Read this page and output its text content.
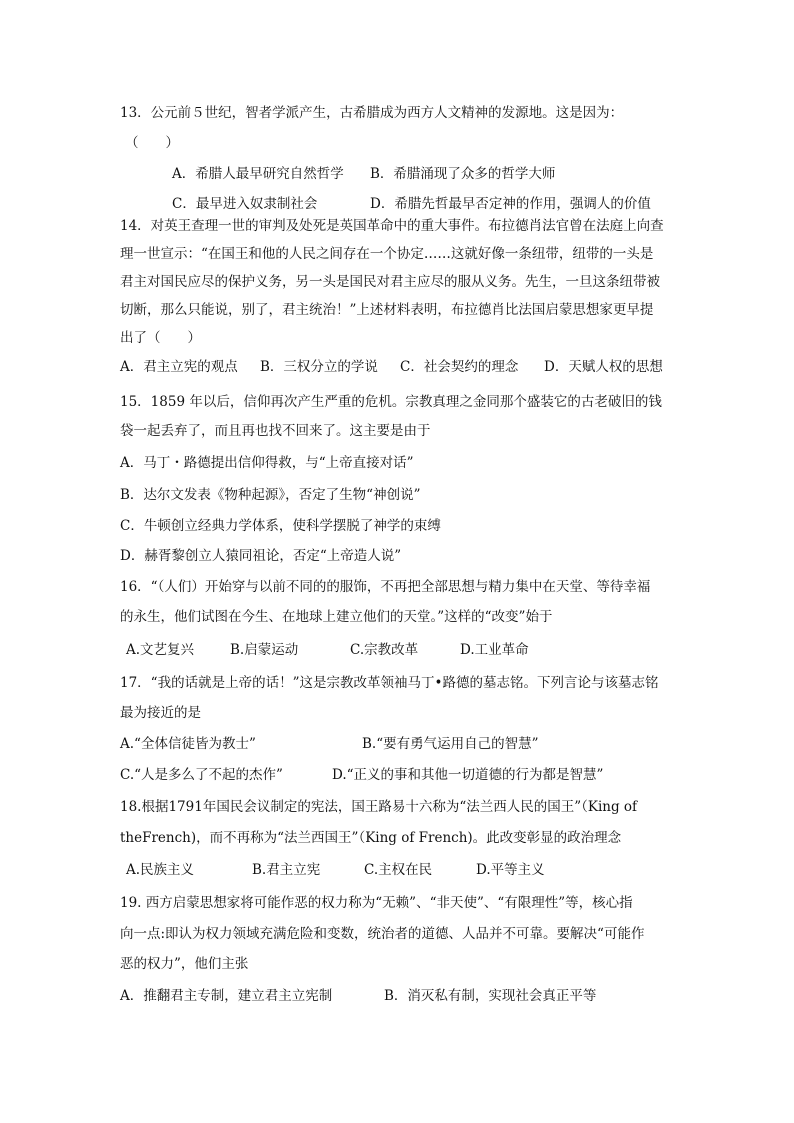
13．公元前５世纪，智者学派产生，古希腊成为西方人文精神的发源地。这是因为：
（　　）
A．希腊人最早研究自然哲学 B．希腊涌现了众多的哲学大师
C．最早进入奴隶制社会	D．希腊先哲最早否定神的作用，强调人的价值
14．对英王查理一世的审判及处死是英国革命中的重大事件。布拉德肖法官曾在法庭上向查
理一世宣示：“在国王和他的人民之间存在一个协定……这就好像一条纽带，纽带的一头是
君主对国民应尽的保护义务，另一头是国民对君主应尽的服从义务。先生，一旦这条纽带被
切断，那么只能说，别了，君主统治！”上述材料表明，布拉德肖比法国启蒙思想家更早提
出了（　　）
A．君主立宪的观点 B．三权分立的学说 C．社会契约的理念 D．天赋人权的思想
15．1859 年以后，信仰再次产生严重的危机。宗教真理之金同那个盛装它的古老破旧的钱
袋一起丢弃了，而且再也找不回来了。这主要是由于
A．马丁・路德提出信仰得救，与“上帝直接对话”
B．达尔文发表《物种起源》，否定了生物“神创说”
C．牛顿创立经典力学体系，使科学摆脱了神学的束缚
D．赫胥黎创立人猿同祖论，否定“上帝造人说”
16．“（人们）开始穿与以前不同的的服饰，不再把全部思想与精力集中在天堂、等待幸福
的永生，他们试图在今生、在地球上建立他们的天堂。”这样的“改变”始于
A.文艺复兴	B.启蒙运动	C.宗教改革	D.工业革命
17．“我的话就是上帝的话！”这是宗教改革领袖马丁•路德的墓志铭。下列言论与该墓志铭
最为接近的是
A.“全体信徒皆为教士”	B.“要有勇气运用自己的智慧”
C.“人是多么了不起的杰作”	D.“正义的事和其他一切道德的行为都是智慧”
18.根据1791年国民会议制定的宪法，国王路易十六称为“法兰西人民的国王”（King of
theFrench)，而不再称为“法兰西国王”（King of French)。此改变彰显的政治理念
A.民族主义	B.君主立宪	C.主权在民	D.平等主义
19. 西方启蒙思想家将可能作恶的权力称为“无赖”、“非天使”、“有限理性”等，核心指
向一点:即认为权力领域充满危险和变数，统治者的道德、人品并不可靠。要解决“可能作
恶的权力”，他们主张
A．推翻君主专制，建立君主立宪制	B．消灭私有制，实现社会真正平等
